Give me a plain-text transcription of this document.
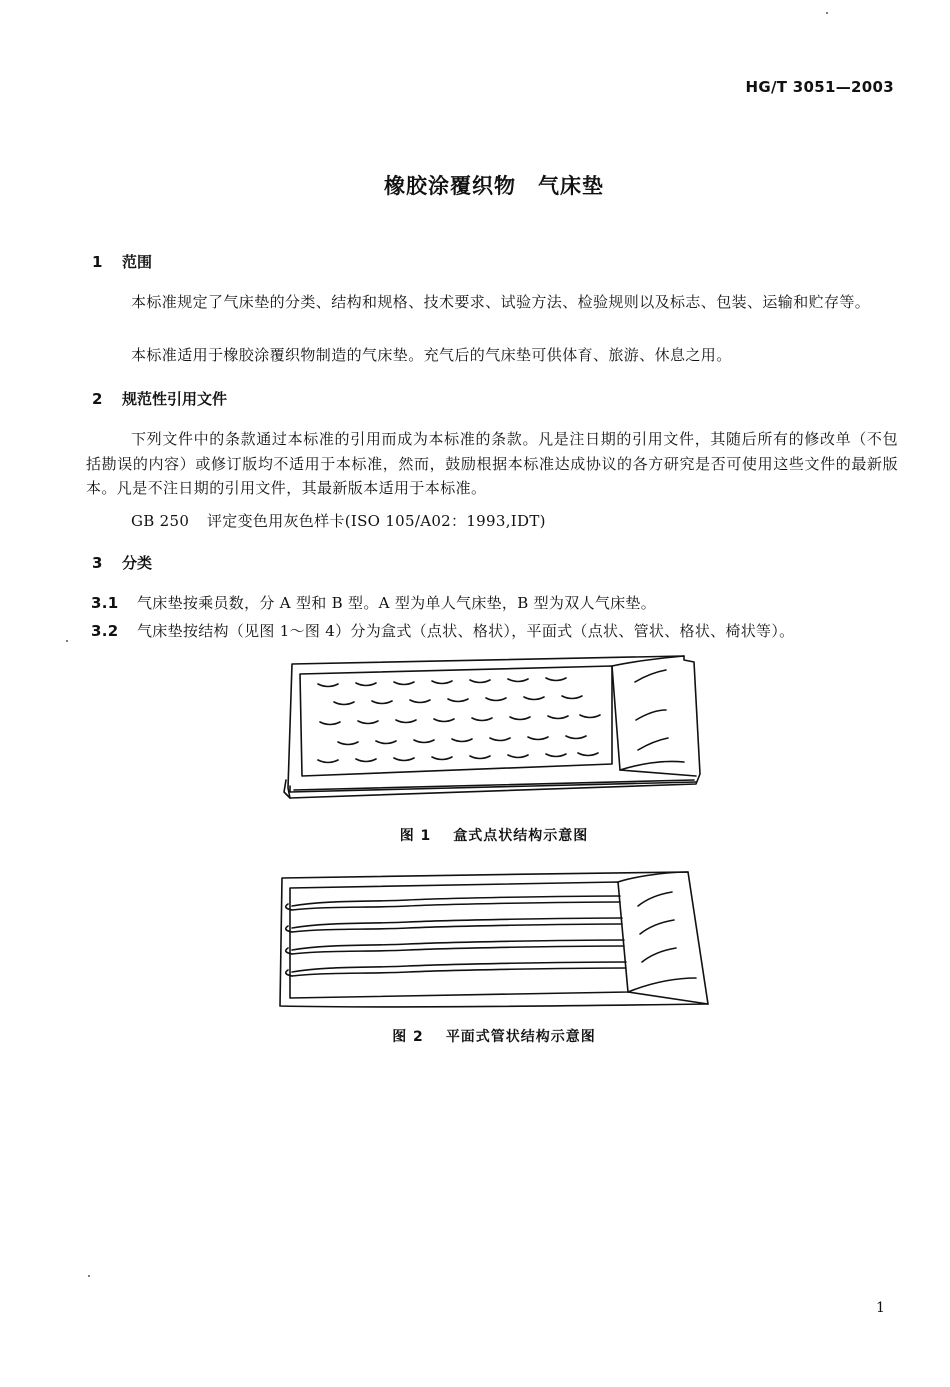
HG/T 3051—2003
橡胶涂覆织物　气床垫
1 范围
本标准规定了气床垫的分类、结构和规格、技术要求、试验方法、检验规则以及标志、包装、运输和贮存等。
本标准适用于橡胶涂覆织物制造的气床垫。充气后的气床垫可供体育、旅游、休息之用。
2 规范性引用文件
下列文件中的条款通过本标准的引用而成为本标准的条款。凡是注日期的引用文件，其随后所有的修改单（不包括勘误的内容）或修订版均不适用于本标准，然而，鼓励根据本标准达成协议的各方研究是否可使用这些文件的最新版本。凡是不注日期的引用文件，其最新版本适用于本标准。
GB 250 评定变色用灰色样卡(ISO 105/A02：1993,IDT)
3 分类
3.1 气床垫按乘员数，分 A 型和 B 型。A 型为单人气床垫，B 型为双人气床垫。
3.2 气床垫按结构（见图 1～图 4）分为盒式（点状、格状），平面式（点状、管状、格状、椅状等）。
图 1 盒式点状结构示意图
图 2 平面式管状结构示意图
1
